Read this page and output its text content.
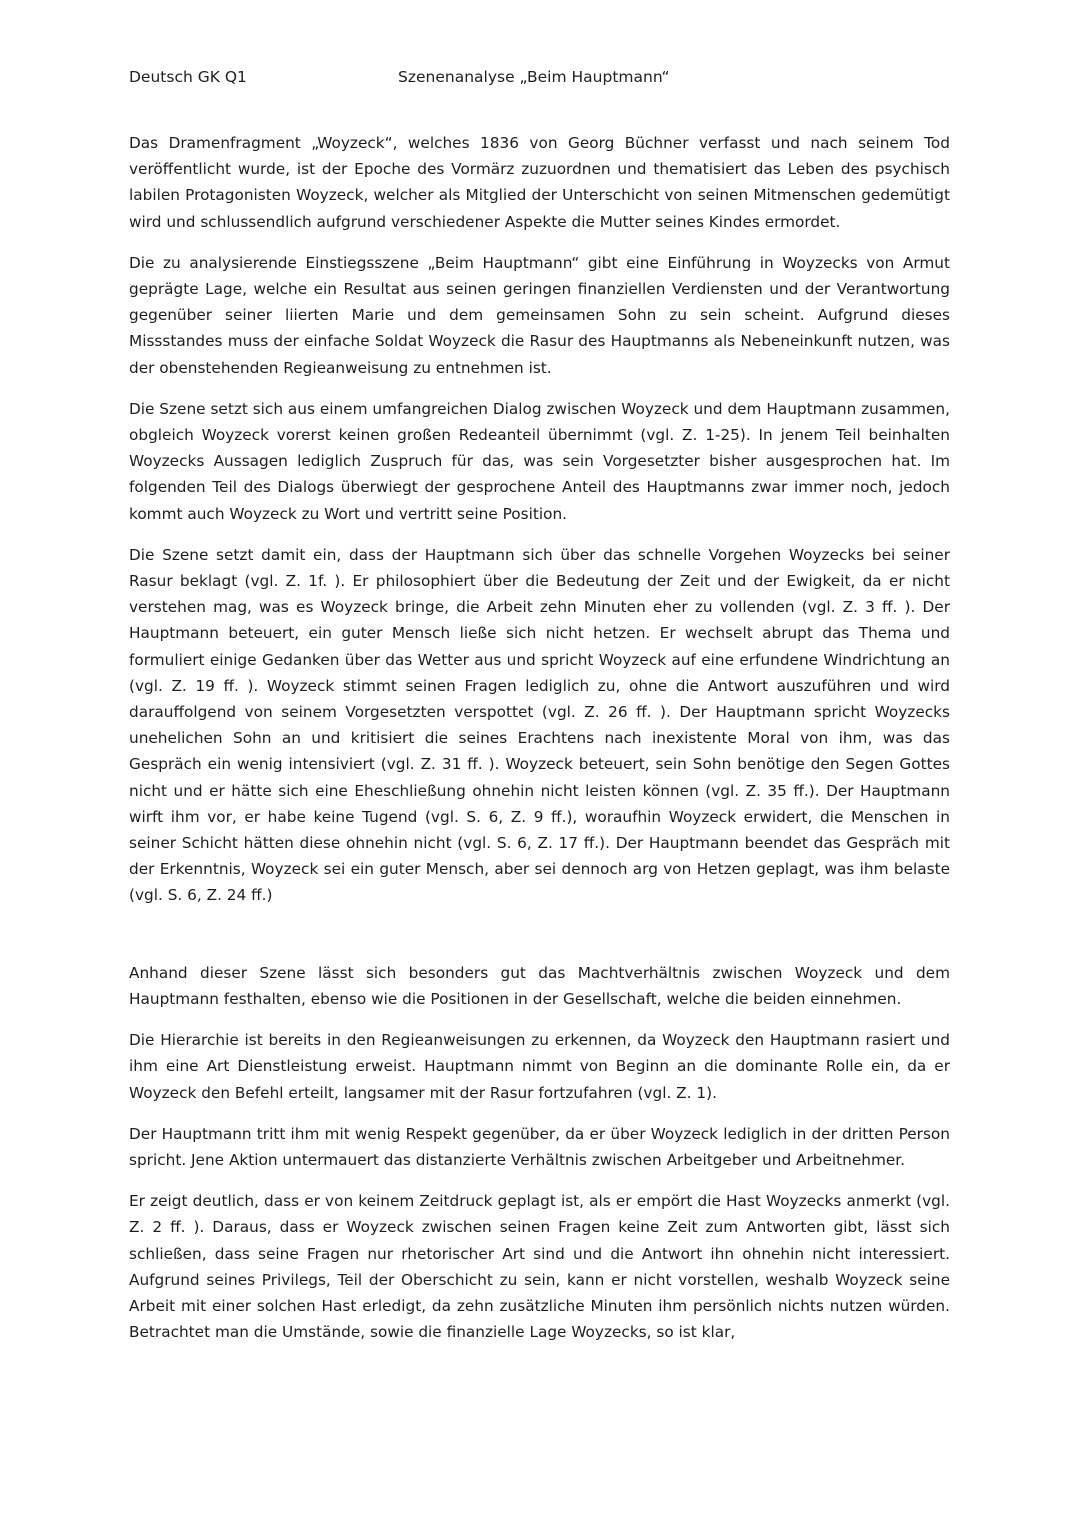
Deutsch GK Q1	Szenenanalyse „Beim Hauptmann“

Das Dramenfragment „Woyzeck“, welches 1836 von Georg Büchner verfasst und nach seinem Tod veröffentlicht wurde, ist der Epoche des Vormärz zuzuordnen und thematisiert das Leben des psychisch labilen Protagonisten Woyzeck, welcher als Mitglied der Unterschicht von seinen Mitmenschen gedemütigt wird und schlussendlich aufgrund verschiedener Aspekte die Mutter seines Kindes ermordet.

Die zu analysierende Einstiegsszene „Beim Hauptmann“ gibt eine Einführung in Woyzecks von Armut geprägte Lage, welche ein Resultat aus seinen geringen finanziellen Verdiensten und der Verantwortung gegenüber seiner liierten Marie und dem gemeinsamen Sohn zu sein scheint. Aufgrund dieses Missstandes muss der einfache Soldat Woyzeck die Rasur des Hauptmanns als Nebeneinkunft nutzen, was der obenstehenden Regieanweisung zu entnehmen ist.

Die Szene setzt sich aus einem umfangreichen Dialog zwischen Woyzeck und dem Hauptmann zusammen, obgleich Woyzeck vorerst keinen großen Redeanteil übernimmt (vgl. Z. 1-25). In jenem Teil beinhalten Woyzecks Aussagen lediglich Zuspruch für das, was sein Vorgesetzter bisher ausgesprochen hat. Im folgenden Teil des Dialogs überwiegt der gesprochene Anteil des Hauptmanns zwar immer noch, jedoch kommt auch Woyzeck zu Wort und vertritt seine Position.

Die Szene setzt damit ein, dass der Hauptmann sich über das schnelle Vorgehen Woyzecks bei seiner Rasur beklagt (vgl. Z. 1f. ). Er philosophiert über die Bedeutung der Zeit und der Ewigkeit, da er nicht verstehen mag, was es Woyzeck bringe, die Arbeit zehn Minuten eher zu vollenden (vgl. Z. 3 ff. ). Der Hauptmann beteuert, ein guter Mensch ließe sich nicht hetzen. Er wechselt abrupt das Thema und formuliert einige Gedanken über das Wetter aus und spricht Woyzeck auf eine erfundene Windrichtung an (vgl. Z. 19 ff. ). Woyzeck stimmt seinen Fragen lediglich zu, ohne die Antwort auszuführen und wird darauffolgend von seinem Vorgesetzten verspottet (vgl. Z. 26 ff. ). Der Hauptmann spricht Woyzecks unehelichen Sohn an und kritisiert die seines Erachtens nach inexistente Moral von ihm, was das Gespräch ein wenig intensiviert (vgl. Z. 31 ff. ). Woyzeck beteuert, sein Sohn benötige den Segen Gottes nicht und er hätte sich eine Eheschließung ohnehin nicht leisten können (vgl. Z. 35 ff.). Der Hauptmann wirft ihm vor, er habe keine Tugend (vgl. S. 6, Z. 9 ff.), woraufhin Woyzeck erwidert, die Menschen in seiner Schicht hätten diese ohnehin nicht (vgl. S. 6, Z. 17 ff.). Der Hauptmann beendet das Gespräch mit der Erkenntnis, Woyzeck sei ein guter Mensch, aber sei dennoch arg von Hetzen geplagt, was ihm belaste (vgl. S. 6, Z. 24 ff.)

Anhand dieser Szene lässt sich besonders gut das Machtverhältnis zwischen Woyzeck und dem Hauptmann festhalten, ebenso wie die Positionen in der Gesellschaft, welche die beiden einnehmen.

Die Hierarchie ist bereits in den Regieanweisungen zu erkennen, da Woyzeck den Hauptmann rasiert und ihm eine Art Dienstleistung erweist. Hauptmann nimmt von Beginn an die dominante Rolle ein, da er Woyzeck den Befehl erteilt, langsamer mit der Rasur fortzufahren (vgl. Z. 1).

Der Hauptmann tritt ihm mit wenig Respekt gegenüber, da er über Woyzeck lediglich in der dritten Person spricht. Jene Aktion untermauert das distanzierte Verhältnis zwischen Arbeitgeber und Arbeitnehmer.

Er zeigt deutlich, dass er von keinem Zeitdruck geplagt ist, als er empört die Hast Woyzecks anmerkt (vgl. Z. 2 ff. ). Daraus, dass er Woyzeck zwischen seinen Fragen keine Zeit zum Antworten gibt, lässt sich schließen, dass seine Fragen nur rhetorischer Art sind und die Antwort ihn ohnehin nicht interessiert. Aufgrund seines Privilegs, Teil der Oberschicht zu sein, kann er nicht vorstellen, weshalb Woyzeck seine Arbeit mit einer solchen Hast erledigt, da zehn zusätzliche Minuten ihm persönlich nichts nutzen würden. Betrachtet man die Umstände, sowie die finanzielle Lage Woyzecks, so ist klar,
